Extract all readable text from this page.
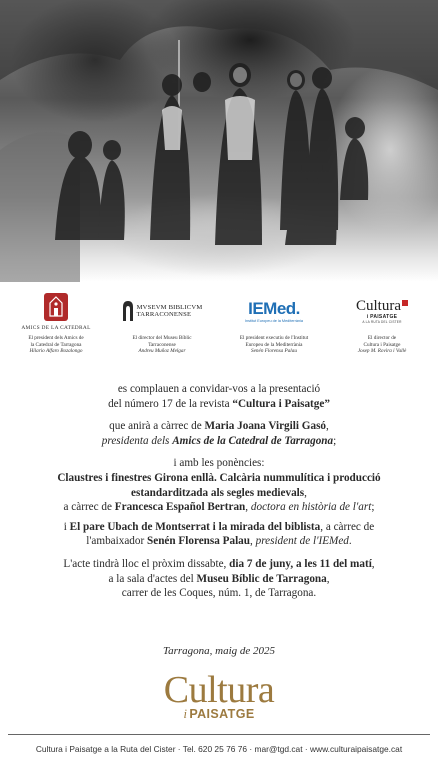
AMICS DE LA CATEDRAL
El president dels Amics de
la Catedral de Tarragona
Hilario Alfaro Bozalongo
MVSEVM BIBLICVM
TARRACONENSE
El director del Museu Bíblic
Tarraconense
Andreu Muñoz Melgar
IEMed.
Institut Europeu de la Mediterrània
El president executiu de l'Institut
Europeu de la Mediterrània
Senén Florensa Palau
Cultura
i PAISATGE
A LA RUTA DEL CISTER
El director de
Cultura i Paisatge
Josep M. Rovira i Vallè

es complauen a convidar-vos a la presentació

del número 17 de la revista “Cultura i Paisatge”

que anirà a càrrec de Maria Joana Virgili Gasó,

presidenta dels Amics de la Catedral de Tarragona;

i amb les ponències:

Claustres i finestres Girona enllà. Calcària nummulítica i producció

estandarditzada als segles medievals,

a càrrec de Francesca Español Bertran, doctora en història de l'art;

i El pare Ubach de Montserrat i la mirada del biblista, a càrrec de

l'ambaixador Senén Florensa Palau, president de l'IEMed.

L'acte tindrà lloc el pròxim dissabte, dia 7 de juny, a les 11 del matí,

a la sala d'actes del Museu Bíblic de Tarragona,

carrer de les Coques, núm. 1, de Tarragona.

Tarragona, maig de 2025
Cultura
i PAISATGE
Cultura i Paisatge a la Ruta del Cister · Tel. 620 25 76 76 · mar@tgd.cat · www.culturaipaisatge.cat
